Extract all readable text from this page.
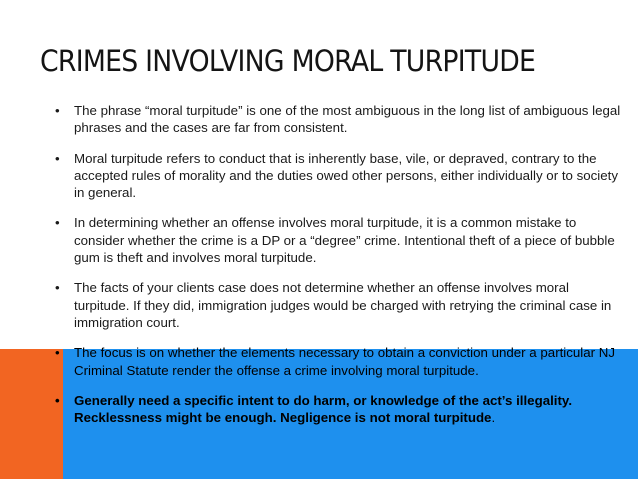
CRIMES INVOLVING MORAL TURPITUDE
• The phrase “moral turpitude” is one of the most ambiguous in the long list of ambiguous legal phrases and the cases are far from consistent.
• Moral turpitude refers to conduct that is inherently base, vile, or depraved, contrary to the accepted rules of morality and the duties owed other persons, either individually or to society in general.
• In determining whether an offense involves moral turpitude, it is a common mistake to consider whether the crime is a DP or a “degree” crime. Intentional theft of a piece of bubble gum is theft and involves moral turpitude.
• The facts of your clients case does not determine whether an offense involves moral turpitude. If they did, immigration judges would be charged with retrying the criminal case in immigration court.
• The focus is on whether the elements necessary to obtain a conviction under a particular NJ Criminal Statute render the offense a crime involving moral turpitude.
• Generally need a specific intent to do harm, or knowledge of the act’s illegality. Recklessness might be enough. Negligence is not moral turpitude.
